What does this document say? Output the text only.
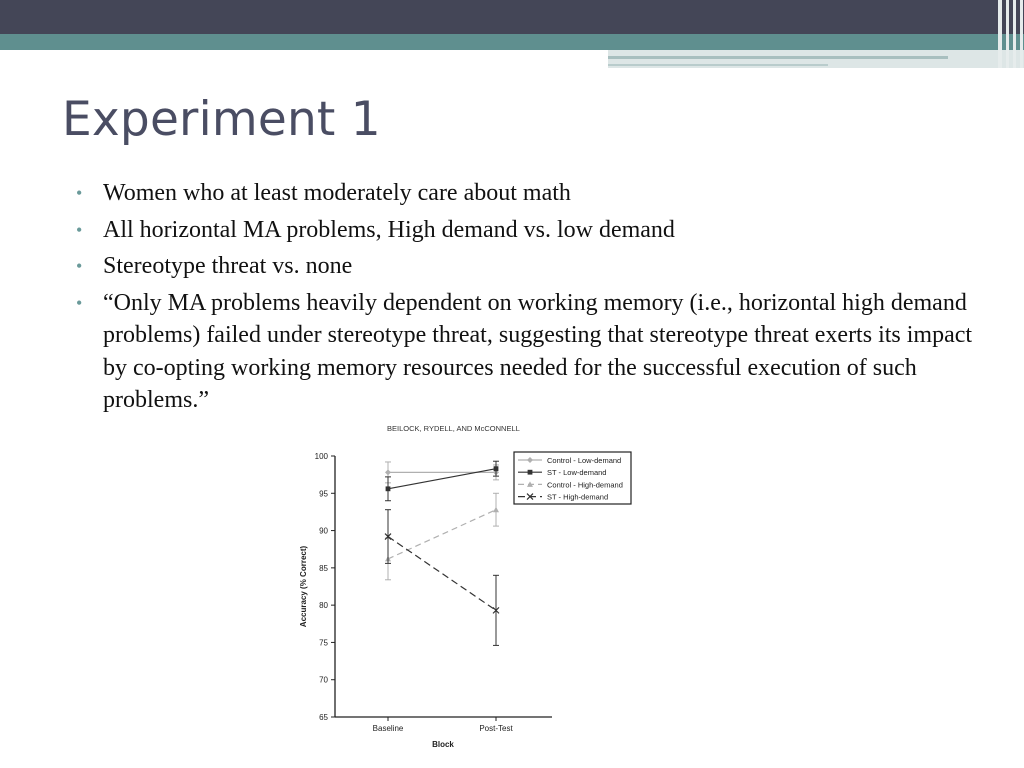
Experiment 1
• Women who at least moderately care about math
• All horizontal MA problems, High demand vs. low demand
• Stereotype threat vs. none
• “Only MA problems heavily dependent on working memory (i.e., horizontal high demand problems) failed under stereotype threat, suggesting that stereotype threat exerts its impact by co-opting working memory resources needed for the successful execution of such problems.”
BEILOCK, RYDELL, AND McCONNELL
65
70
75
80
85
90
95
100
Baseline	Post-Test
Block
Accuracy (% Correct)
Control - Low-demand
ST - Low-demand
Control - High-demand
ST - High-demand
